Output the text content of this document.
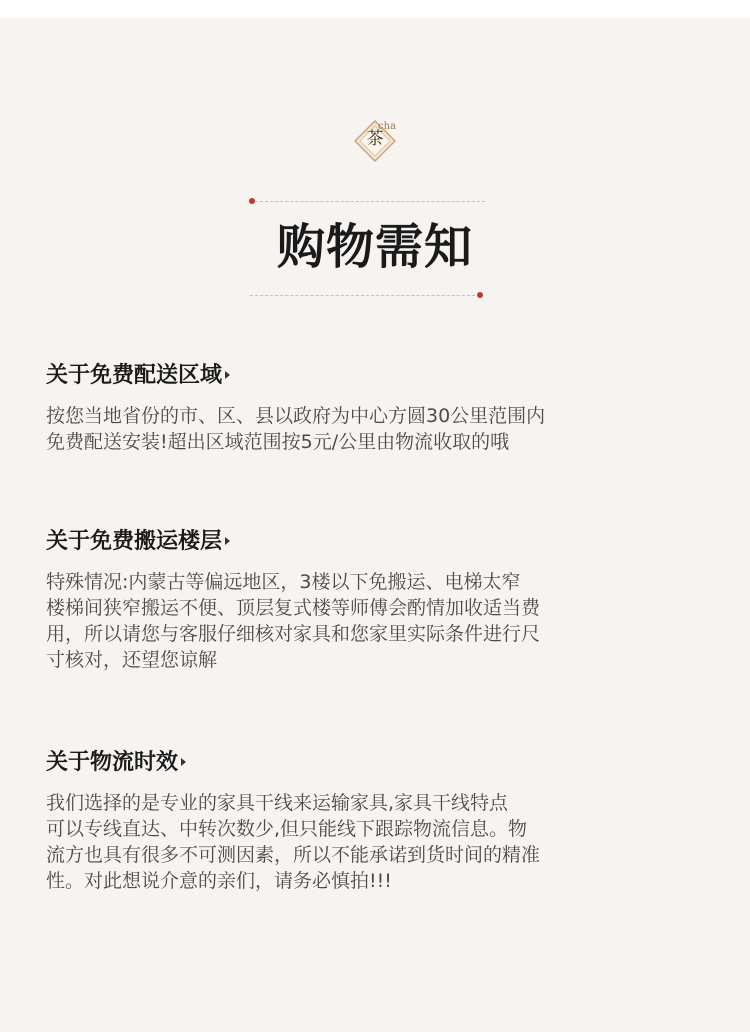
茶
cha
购物需知
关于免费配送区域
按您当地省份的市、区、县以政府为中心方圆30公里范围内
免费配送安装!超出区域范围按5元/公里由物流收取的哦
关于免费搬运楼层
特殊情况:内蒙古等偏远地区，3楼以下免搬运、电梯太窄
楼梯间狭窄搬运不便、顶层复式楼等师傅会酌情加收适当费
用，所以请您与客服仔细核对家具和您家里实际条件进行尺
寸核对，还望您谅解
关于物流时效
我们选择的是专业的家具干线来运输家具,家具干线特点
可以专线直达、中转次数少,但只能线下跟踪物流信息。物
流方也具有很多不可测因素，所以不能承诺到货时间的精准
性。对此想说介意的亲们，请务必慎拍!!!
